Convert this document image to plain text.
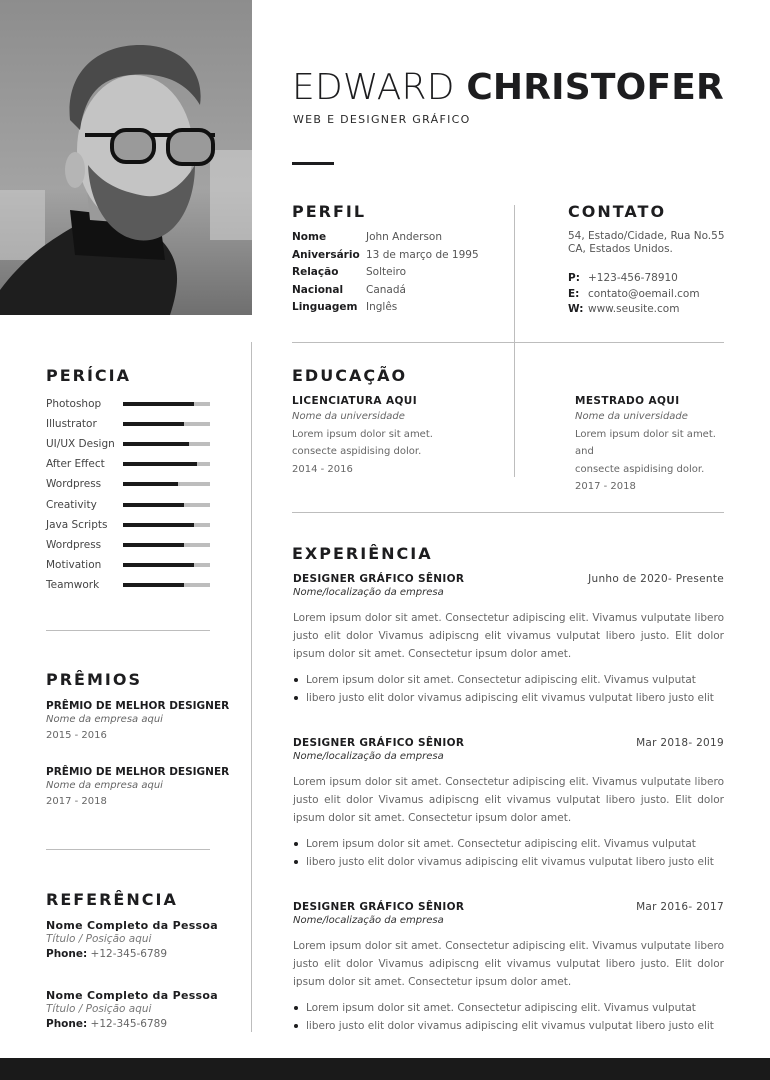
EDWARD CHRISTOFER
WEB E DESIGNER GRÁFICO
PERFIL
Nome	John Anderson
Aniversário 13 de março de 1995
Relação	Solteiro
Nacional	Canadá
Linguagem Inglês
CONTATO
54, Estado/Cidade, Rua No.55
CA, Estados Unidos.
P: +123-456-78910
E: contato@oemail.com
W: www.seusite.com
EDUCAÇÃO
LICENCIATURA AQUI
Nome da universidade
Lorem ipsum dolor sit amet.
consecte aspidising dolor.
2014 - 2016
MESTRADO AQUI
Nome da universidade
Lorem ipsum dolor sit amet. and
consecte aspidising dolor.
2017 - 2018
PERÍCIA
Photoshop
Illustrator
UI/UX Design
After Effect
Wordpress
Creativity
Java Scripts
Wordpress
Motivation
Teamwork
PRÊMIOS
PRÊMIO DE MELHOR DESIGNER
Nome da empresa aqui
2015 - 2016
PRÊMIO DE MELHOR DESIGNER
Nome da empresa aqui
2017 - 2018
REFERÊNCIA
Nome Completo da Pessoa
Título / Posição aqui
Phone: +12-345-6789
Nome Completo da Pessoa
Título / Posição aqui
Phone: +12-345-6789
EXPERIÊNCIA
DESIGNER GRÁFICO SÊNIOR	Junho de 2020- Presente
Nome/localização da empresa
Lorem ipsum dolor sit amet. Consectetur adipiscing elit. Vivamus vulputate libero justo elit dolor Vivamus adipiscng elit vivamus vulputat libero justo. Elit dolor ipsum dolor sit amet. Consectetur ipsum dolor amet.
Lorem ipsum dolor sit amet. Consectetur adipiscing elit. Vivamus vulputat
libero justo elit dolor vivamus adipiscing elit vivamus vulputat libero justo elit
DESIGNER GRÁFICO SÊNIOR	Mar 2018- 2019
Nome/localização da empresa
Lorem ipsum dolor sit amet. Consectetur adipiscing elit. Vivamus vulputate libero justo elit dolor Vivamus adipiscng elit vivamus vulputat libero justo. Elit dolor ipsum dolor sit amet. Consectetur ipsum dolor amet.
Lorem ipsum dolor sit amet. Consectetur adipiscing elit. Vivamus vulputat
libero justo elit dolor vivamus adipiscing elit vivamus vulputat libero justo elit
DESIGNER GRÁFICO SÊNIOR	Mar 2016- 2017
Nome/localização da empresa
Lorem ipsum dolor sit amet. Consectetur adipiscing elit. Vivamus vulputate libero justo elit dolor Vivamus adipiscng elit vivamus vulputat libero justo. Elit dolor ipsum dolor sit amet. Consectetur ipsum dolor amet.
Lorem ipsum dolor sit amet. Consectetur adipiscing elit. Vivamus vulputat
libero justo elit dolor vivamus adipiscing elit vivamus vulputat libero justo elit
